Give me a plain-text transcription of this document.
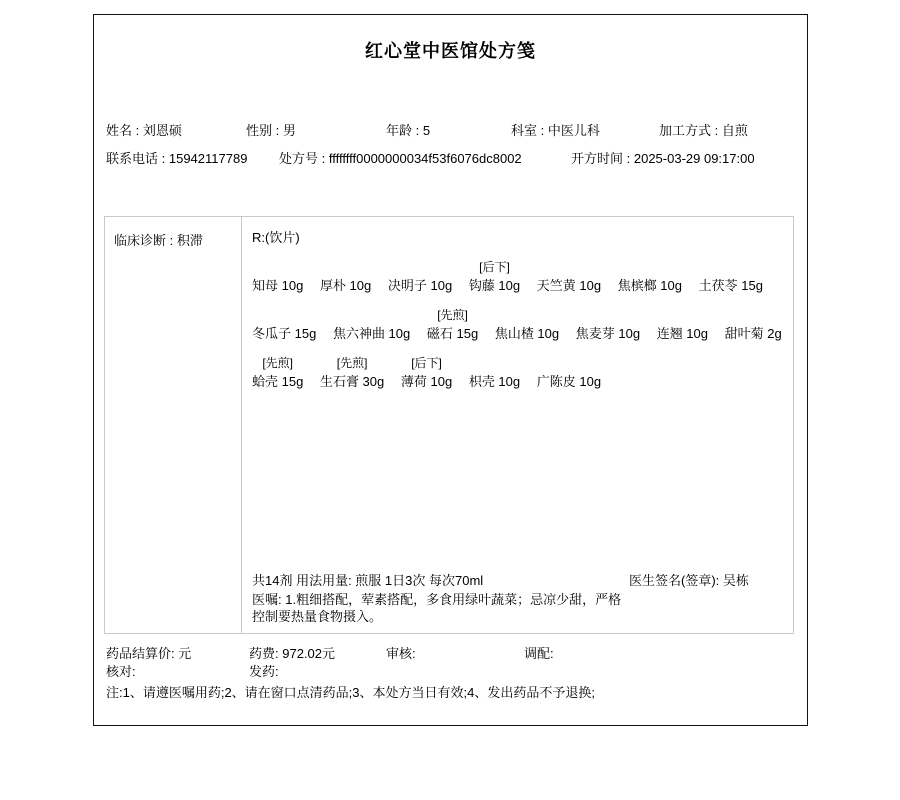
红心堂中医馆处方笺
姓名 : 刘恩硕	性别 : 男	年龄 : 5	科室 : 中医儿科	加工方式 : 自煎
联系电话 : 15942117789 处方号 : ffffffff0000000034f53f6076dc8002	开方时间 : 2025-03-29 09:17:00
临床诊断 : 积滞	R:(饮片)
知母 10g
厚朴 10g
决明子 10g

[后下]
钩藤 10g
天竺黄 10g
焦槟榔 10g
土茯苓 15g
冬瓜子 15g
焦六神曲 10g

[先煎]
磁石 15g
焦山楂 10g
焦麦芽 10g
连翘 10g
甜叶菊 2g
[先煎]
蛤壳 15g

[先煎]
生石膏 30g

[后下]
薄荷 10g
枳壳 10g
广陈皮 10g
共14剂 用法用量: 煎服 1日3次 每次70ml	医生签名(签章): 吴栋
医嘱: 1.粗细搭配，荤素搭配，多食用绿叶蔬菜；忌凉少甜，严格
控制要热量食物摄入。
药品结算价 : 元	药费 : 972.02元	审核 :	调配 :
核对 :	发药 :
注:1、请遵医嘱用药;2、请在窗口点清药品;3、本处方当日有效;4、发出药品不予退换;
